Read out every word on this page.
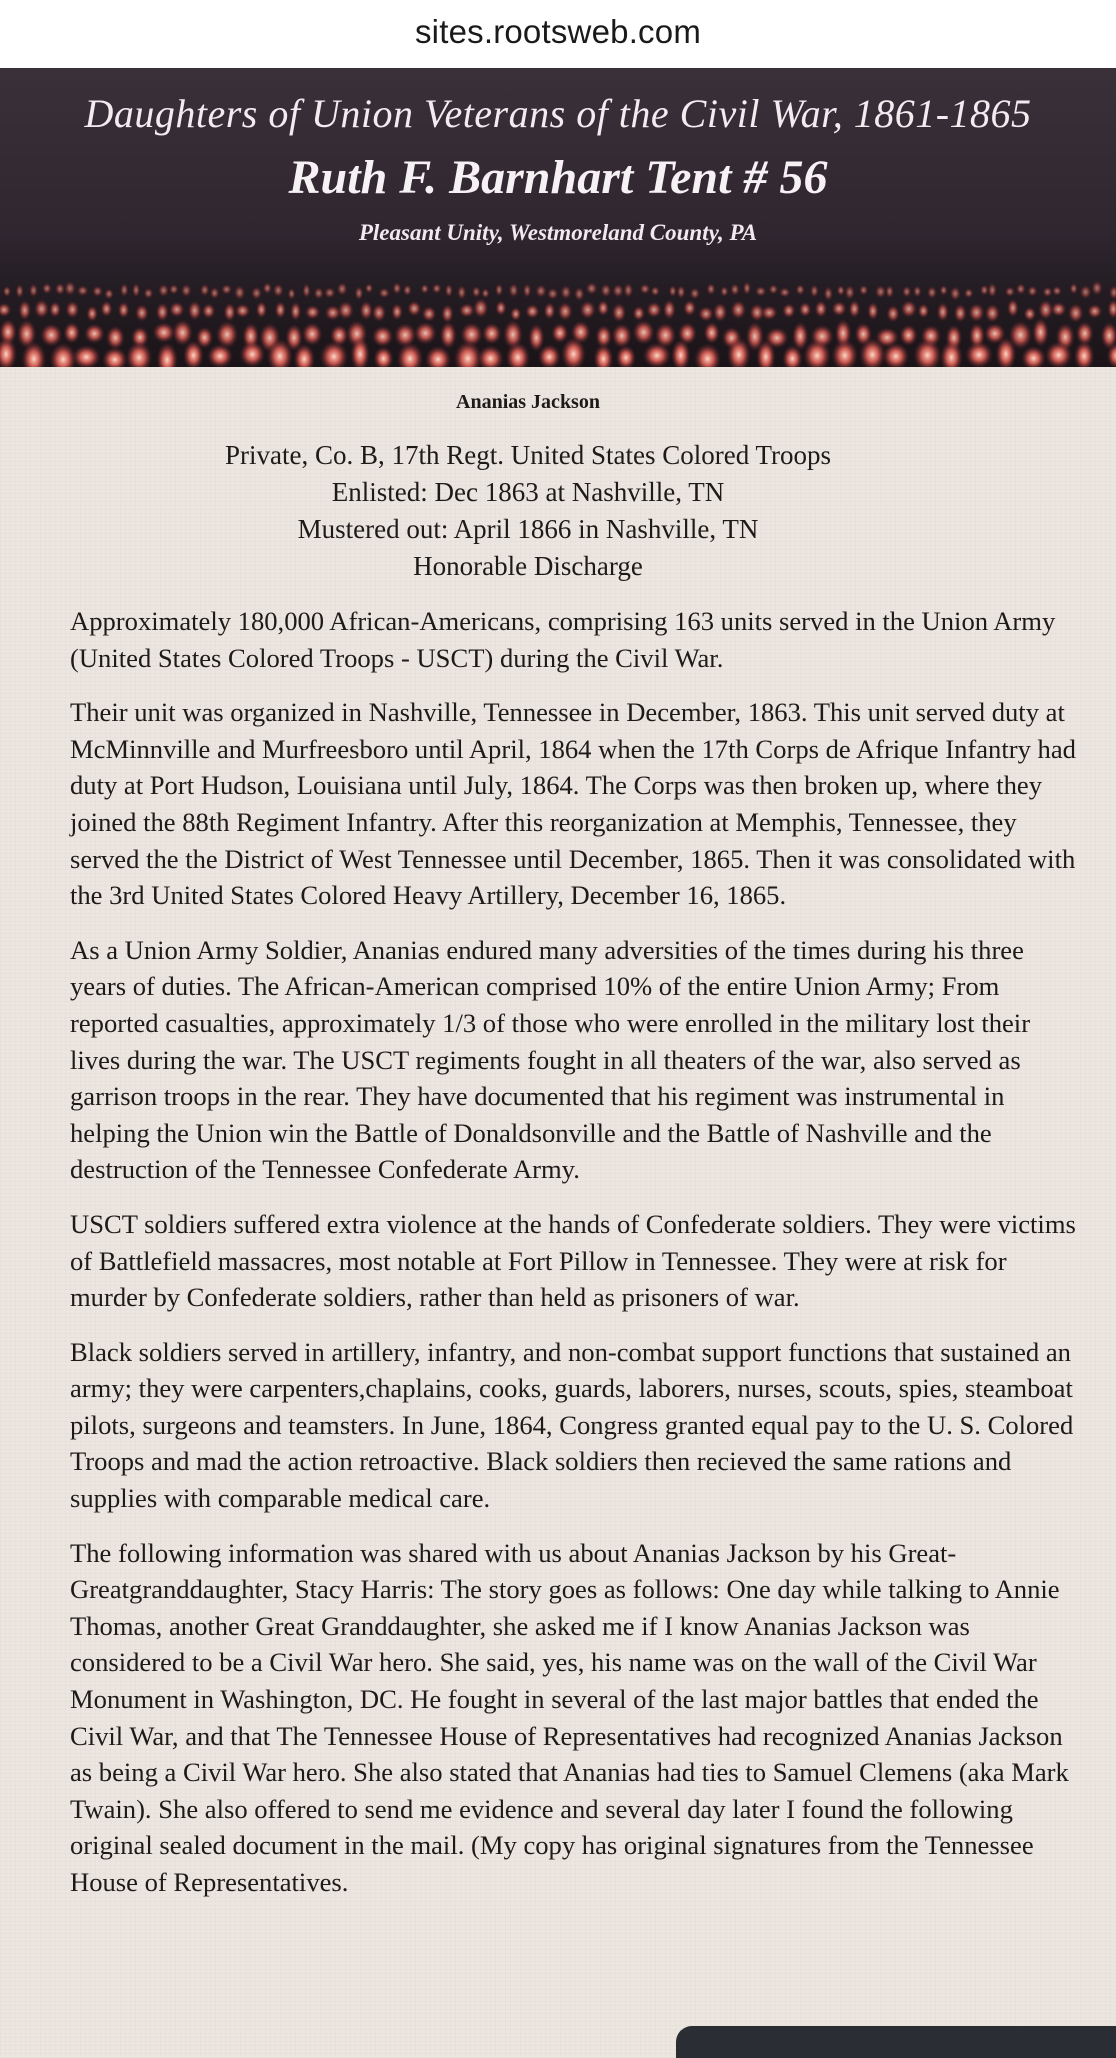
sites.rootsweb.com
Daughters of Union Veterans of the Civil War, 1861-1865
Ruth F. Barnhart Tent # 56
Pleasant Unity, Westmoreland County, PA
Ananias Jackson
Private, Co. B, 17th Regt. United States Colored Troops
Enlisted: Dec 1863 at Nashville, TN
Mustered out: April 1866 in Nashville, TN
Honorable Discharge

Approximately 180,000 African-Americans, comprising 163 units served in the Union Army (United States Colored Troops - USCT) during the Civil War.

Their unit was organized in Nashville, Tennessee in December, 1863. This unit served duty at McMinnville and Murfreesboro until April, 1864 when the 17th Corps de Afrique Infantry had duty at Port Hudson, Louisiana until July, 1864. The Corps was then broken up, where they joined the 88th Regiment Infantry. After this reorganization at Memphis, Tennessee, they served the the District of West Tennessee until December, 1865. Then it was consolidated with the 3rd United States Colored Heavy Artillery, December 16, 1865.

As a Union Army Soldier, Ananias endured many adversities of the times during his three years of duties. The African-American comprised 10% of the entire Union Army; From reported casualties, approximately 1/3 of those who were enrolled in the military lost their lives during the war. The USCT regiments fought in all theaters of the war, also served as garrison troops in the rear. They have documented that his regiment was instrumental in helping the Union win the Battle of Donaldsonville and the Battle of Nashville and the destruction of the Tennessee Confederate Army.

USCT soldiers suffered extra violence at the hands of Confederate soldiers. They were victims of Battlefield massacres, most notable at Fort Pillow in Tennessee. They were at risk for murder by Confederate soldiers, rather than held as prisoners of war.

Black soldiers served in artillery, infantry, and non-combat support functions that sustained an army; they were carpenters,chaplains, cooks, guards, laborers, nurses, scouts, spies, steamboat pilots, surgeons and teamsters. In June, 1864, Congress granted equal pay to the U. S. Colored Troops and mad the action retroactive. Black soldiers then recieved the same rations and supplies with comparable medical care.

The following information was shared with us about Ananias Jackson by his Great-Greatgranddaughter, Stacy Harris: The story goes as follows: One day while talking to Annie Thomas, another Great Granddaughter, she asked me if I know Ananias Jackson was considered to be a Civil War hero. She said, yes, his name was on the wall of the Civil War Monument in Washington, DC. He fought in several of the last major battles that ended the Civil War, and that The Tennessee House of Representatives had recognized Ananias Jackson as being a Civil War hero. She also stated that Ananias had ties to Samuel Clemens (aka Mark Twain). She also offered to send me evidence and several day later I found the following original sealed document in the mail. (My copy has original signatures from the Tennessee House of Representatives.
